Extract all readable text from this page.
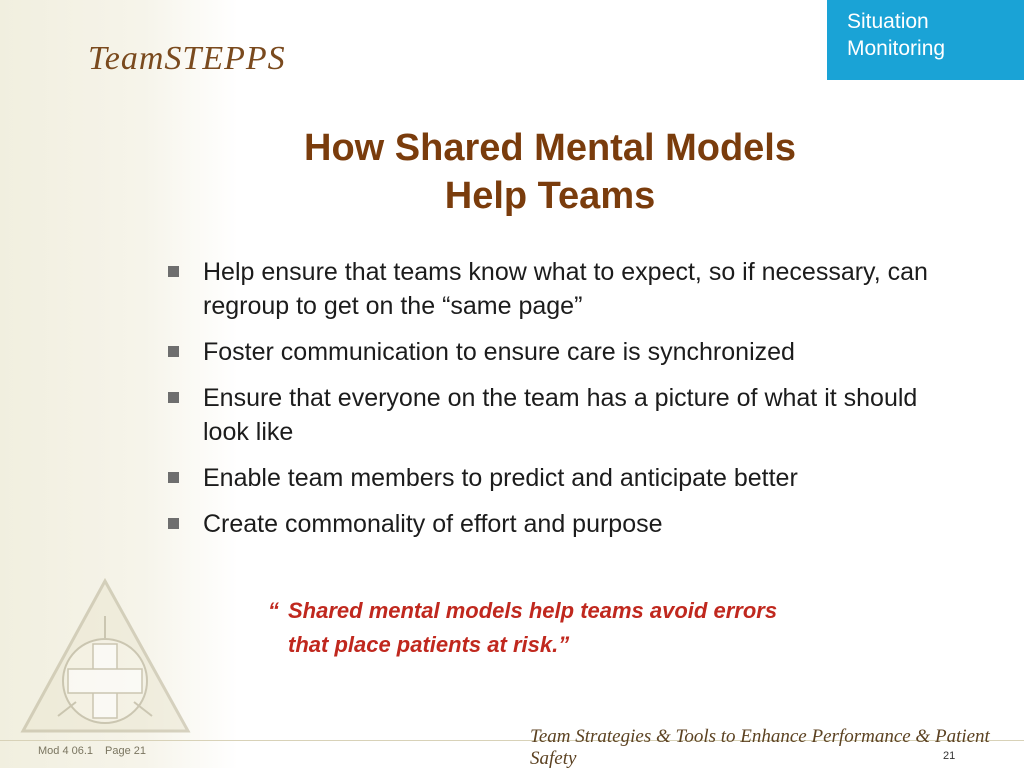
TeamSTEPPS
Situation
Monitoring
How Shared Mental Models
Help Teams
Help ensure that teams know what to expect, so if necessary, can regroup to get on the “same page”
Foster communication to ensure care is synchronized
Ensure that everyone on the team has a picture of what it should look like
Enable team members to predict and anticipate better
Create commonality of effort and purpose
“ Shared mental models help teams avoid errors
that place patients at risk.”
Team Strategies & Tools to Enhance Performance & Patient Safety
Mod 4 06.1 Page 21	21
